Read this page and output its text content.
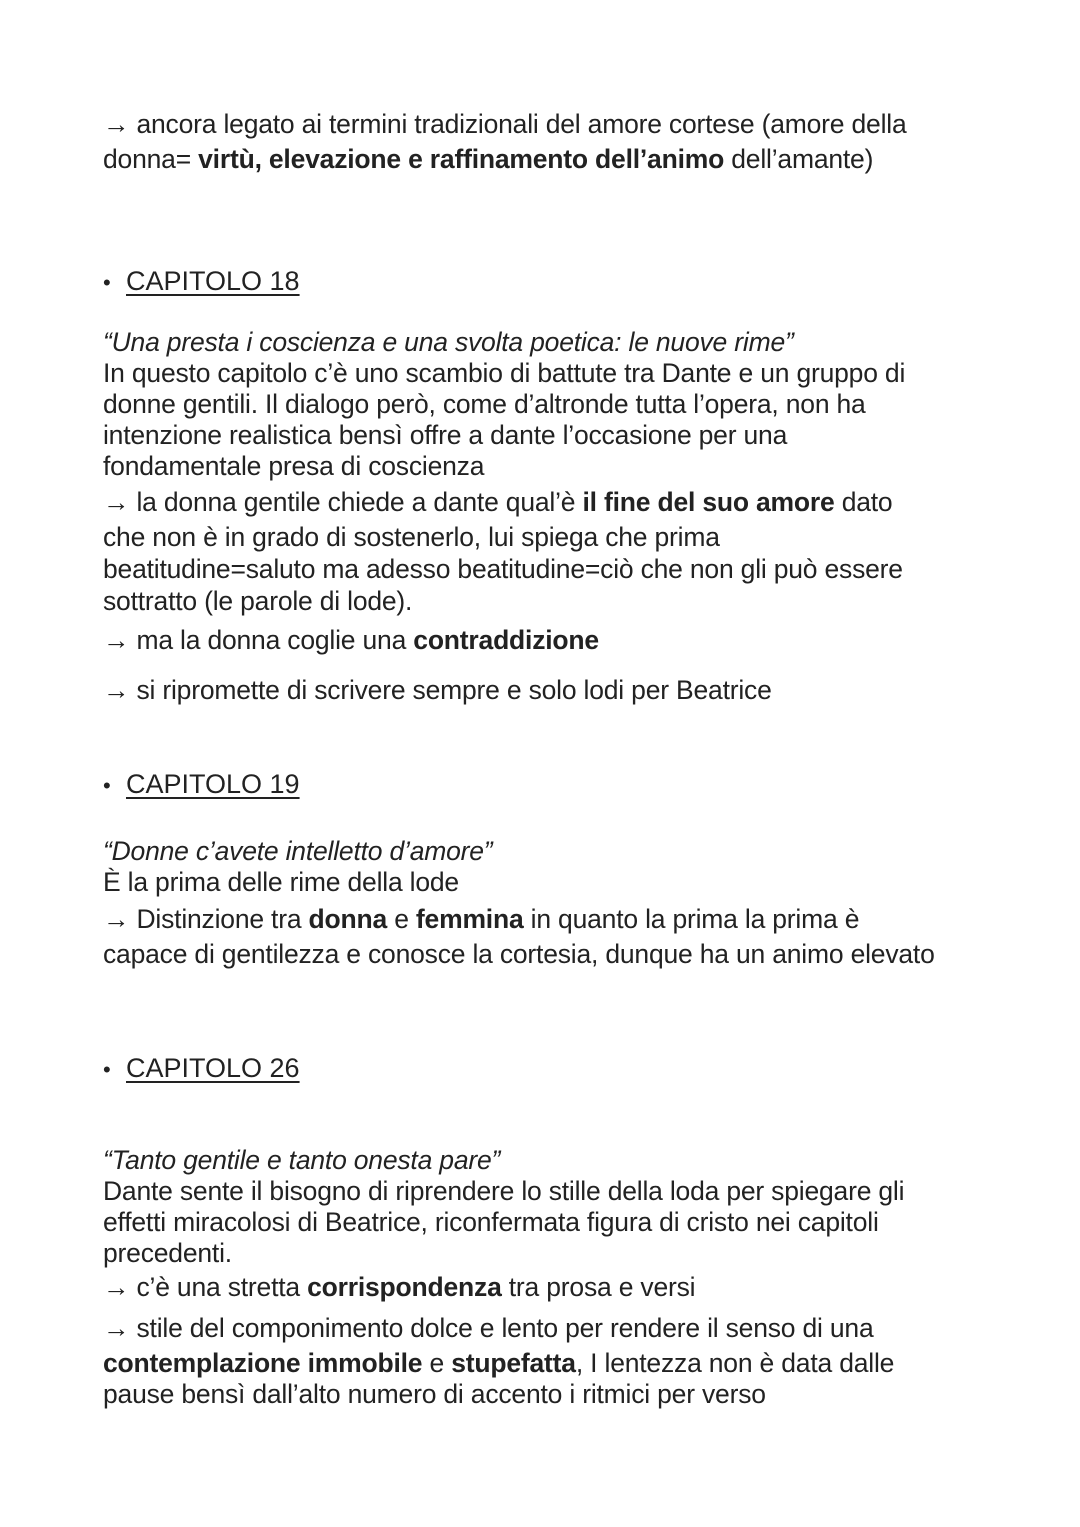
→ ancora legato ai termini tradizionali del amore cortese (amore della
donna= virtù, elevazione e raffinamento dell’animo dell’amante)
• CAPITOLO 18
“Una presta i coscienza e una svolta poetica: le nuove rime”
In questo capitolo c’è uno scambio di battute tra Dante e un gruppo di
donne gentili. Il dialogo però, come d’altronde tutta l’opera, non ha
intenzione realistica bensì offre a dante l’occasione per una
fondamentale presa di coscienza
→ la donna gentile chiede a dante qual’è il fine del suo amore dato
che non è in grado di sostenerlo, lui spiega che prima
beatitudine=saluto ma adesso beatitudine=ciò che non gli può essere
sottratto (le parole di lode).
→ ma la donna coglie una contraddizione
→ si ripromette di scrivere sempre e solo lodi per Beatrice
• CAPITOLO 19
“Donne c’avete intelletto d’amore”
È la prima delle rime della lode
→ Distinzione tra donna e femmina in quanto la prima la prima è
capace di gentilezza e conosce la cortesia, dunque ha un animo elevato
• CAPITOLO 26
“Tanto gentile e tanto onesta pare”
Dante sente il bisogno di riprendere lo stille della loda per spiegare gli
effetti miracolosi di Beatrice, riconfermata figura di cristo nei capitoli
precedenti.
→ c’è una stretta corrispondenza tra prosa e versi
→ stile del componimento dolce e lento per rendere il senso di una
contemplazione immobile e stupefatta, I lentezza non è data dalle
pause bensì dall’alto numero di accento i ritmici per verso
